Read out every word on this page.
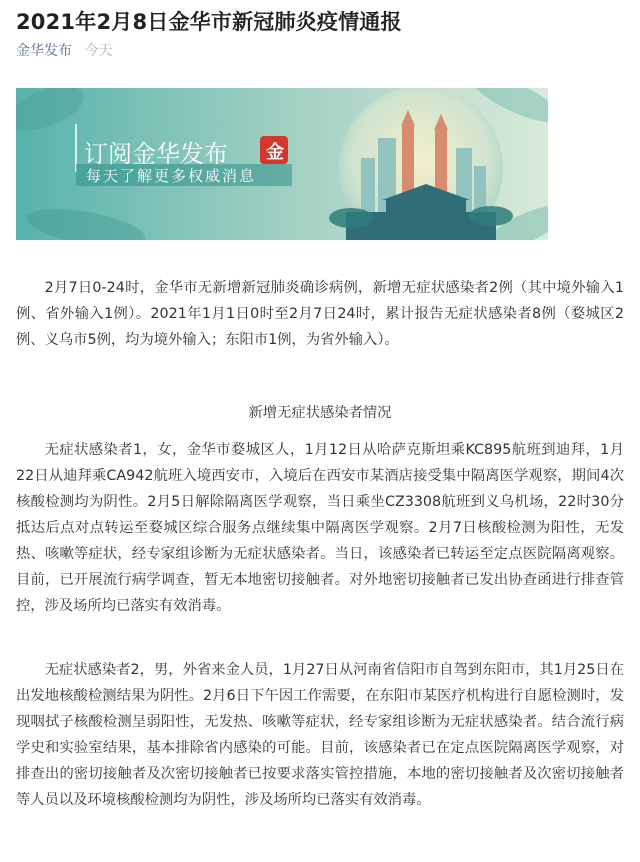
2021年2月8日金华市新冠肺炎疫情通报
金华发布 今天
订阅金华发布 金
每天了解更多权威消息

2月7日0-24时，金华市无新增新冠肺炎确诊病例，新增无症状感染者2例（其中境外输入1例、省外输入1例）。2021年1月1日0时至2月7日24时，累计报告无症状感染者8例（婺城区2例、义乌市5例，均为境外输入；东阳市1例，为省外输入）。

新增无症状感染者情况

无症状感染者1，女，金华市婺城区人，1月12日从哈萨克斯坦乘KC895航班到迪拜，1月22日从迪拜乘CA942航班入境西安市，入境后在西安市某酒店接受集中隔离医学观察，期间4次核酸检测均为阴性。2月5日解除隔离医学观察，当日乘坐CZ3308航班到义乌机场，22时30分抵达后点对点转运至婺城区综合服务点继续集中隔离医学观察。2月7日核酸检测为阳性，无发热、咳嗽等症状，经专家组诊断为无症状感染者。当日，该感染者已转运至定点医院隔离观察。目前，已开展流行病学调查，暂无本地密切接触者。对外地密切接触者已发出协查函进行排查管控，涉及场所均已落实有效消毒。

无症状感染者2，男，外省来金人员，1月27日从河南省信阳市自驾到东阳市，其1月25日在出发地核酸检测结果为阴性。2月6日下午因工作需要，在东阳市某医疗机构进行自愿检测时，发现咽拭子核酸检测呈弱阳性，无发热、咳嗽等症状，经专家组诊断为无症状感染者。结合流行病学史和实验室结果，基本排除省内感染的可能。目前，该感染者已在定点医院隔离医学观察，对排查出的密切接触者及次密切接触者已按要求落实管控措施，本地的密切接触者及次密切接触者等人员以及环境核酸检测均为阴性，涉及场所均已落实有效消毒。
